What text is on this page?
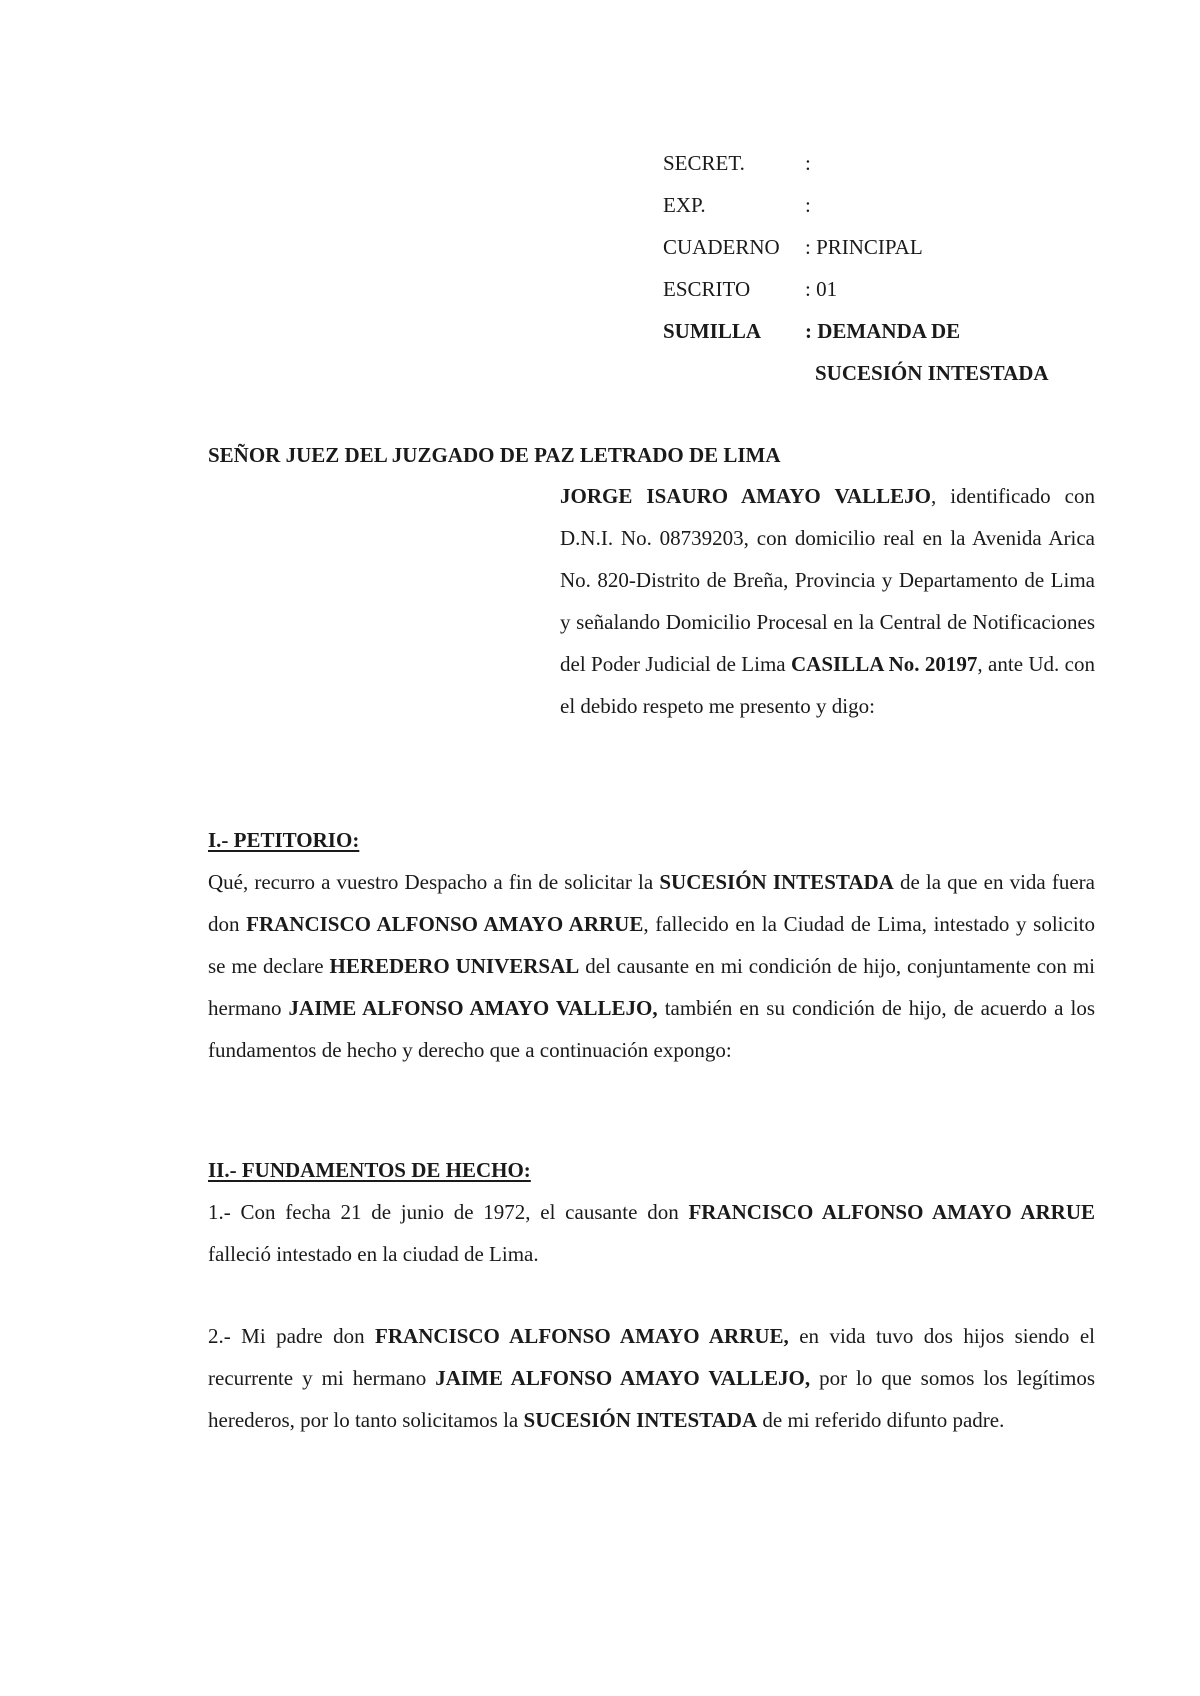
SECRET.	:
EXP.	:
CUADERNO	: PRINCIPAL
ESCRITO	: 01
SUMILLA	: DEMANDA DE
SUCESIÓN INTESTADA
SEÑOR JUEZ DEL JUZGADO DE PAZ LETRADO DE LIMA

JORGE ISAURO AMAYO VALLEJO, identificado con D.N.I. No. 08739203, con domicilio real en la Avenida Arica No. 820-Distrito de Breña, Provincia y Departamento de Lima y señalando Domicilio Procesal en la Central de Notificaciones del Poder Judicial de Lima CASILLA No. 20197, ante Ud. con el debido respeto me presento y digo:

I.- PETITORIO:

Qué, recurro a vuestro Despacho a fin de solicitar la SUCESIÓN INTESTADA de la que en vida fuera don FRANCISCO ALFONSO AMAYO ARRUE, fallecido en la Ciudad de Lima, intestado y solicito se me declare HEREDERO UNIVERSAL del causante en mi condición de hijo, conjuntamente con mi hermano JAIME ALFONSO AMAYO VALLEJO, también en su condición de hijo, de acuerdo a los fundamentos de hecho y derecho que a continuación expongo:

II.- FUNDAMENTOS DE HECHO:

1.- Con fecha 21 de junio de 1972, el causante don FRANCISCO ALFONSO AMAYO ARRUE falleció intestado en la ciudad de Lima.

2.- Mi padre don FRANCISCO ALFONSO AMAYO ARRUE, en vida tuvo dos hijos siendo el recurrente y mi hermano JAIME ALFONSO AMAYO VALLEJO, por lo que somos los legítimos herederos, por lo tanto solicitamos la SUCESIÓN INTESTADA de mi referido difunto padre.
